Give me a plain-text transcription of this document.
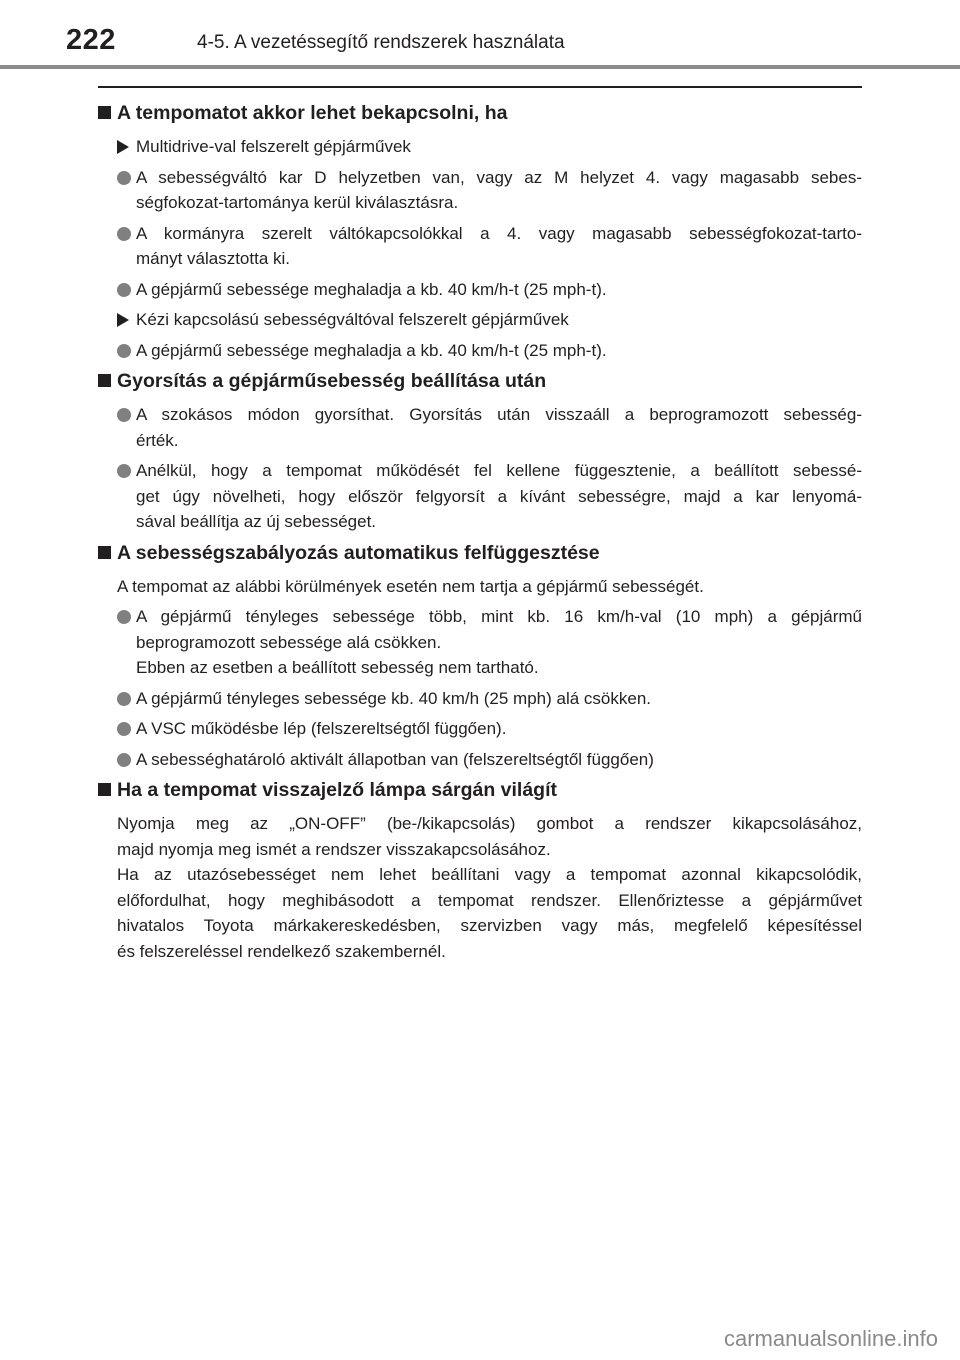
222	4-5. A vezetéssegítő rendszerek használata
A tempomatot akkor lehet bekapcsolni, ha
Multidrive-val felszerelt gépjárművek
A sebességváltó kar D helyzetben van, vagy az M helyzet 4. vagy magasabb sebes-
ségfokozat-tartománya kerül kiválasztásra.
A kormányra szerelt váltókapcsolókkal a 4. vagy magasabb sebességfokozat-tarto-
mányt választotta ki.
A gépjármű sebessége meghaladja a kb. 40 km/h-t (25 mph-t).
Kézi kapcsolású sebességváltóval felszerelt gépjárművek
A gépjármű sebessége meghaladja a kb. 40 km/h-t (25 mph-t).
Gyorsítás a gépjárműsebesség beállítása után
A szokásos módon gyorsíthat. Gyorsítás után visszaáll a beprogramozott sebesség-
érték.
Anélkül, hogy a tempomat működését fel kellene függesztenie, a beállított sebessé-
get úgy növelheti, hogy először felgyorsít a kívánt sebességre, majd a kar lenyomá-
sával beállítja az új sebességet.
A sebességszabályozás automatikus felfüggesztése
A tempomat az alábbi körülmények esetén nem tartja a gépjármű sebességét.
A gépjármű tényleges sebessége több, mint kb. 16 km/h-val (10 mph) a gépjármű
beprogramozott sebessége alá csökken.
Ebben az esetben a beállított sebesség nem tartható.
A gépjármű tényleges sebessége kb. 40 km/h (25 mph) alá csökken.
A VSC működésbe lép (felszereltségtől függően).
A sebességhatároló aktivált állapotban van (felszereltségtől függően)
Ha a tempomat visszajelző lámpa sárgán világít
Nyomja meg az „ON-OFF” (be-/kikapcsolás) gombot a rendszer kikapcsolásához,
majd nyomja meg ismét a rendszer visszakapcsolásához.
Ha az utazósebességet nem lehet beállítani vagy a tempomat azonnal kikapcsolódik,
előfordulhat, hogy meghibásodott a tempomat rendszer. Ellenőriztesse a gépjárművet
hivatalos Toyota márkakereskedésben, szervizben vagy más, megfelelő képesítéssel
és felszereléssel rendelkező szakembernél.
carmanualsonline.info
